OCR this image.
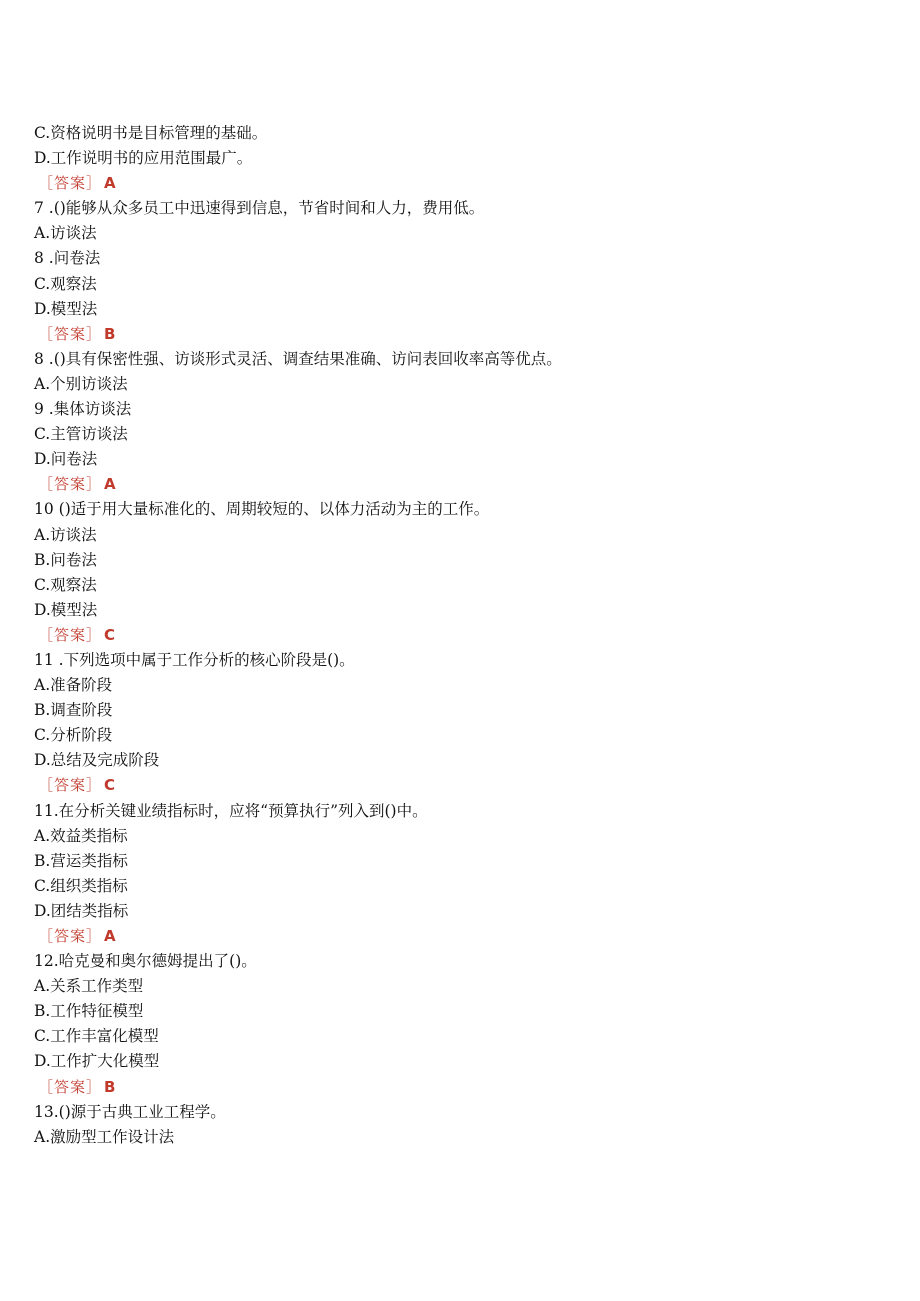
C.资格说明书是目标管理的基础。
D.工作说明书的应用范围最广。
［答案］ A
7 .()能够从众多员工中迅速得到信息，节省时间和人力，费用低。
A.访谈法
8 .问卷法
C.观察法
D.模型法
［答案］ B
8 .()具有保密性强、访谈形式灵活、调查结果准确、访问表回收率高等优点。
A.个别访谈法
9 .集体访谈法
C.主管访谈法
D.问卷法
［答案］ A
10 ()适于用大量标准化的、周期较短的、以体力活动为主的工作。
A.访谈法
B.问卷法
C.观察法
D.模型法
［答案］ C
11 .下列选项中属于工作分析的核心阶段是()。
A.准备阶段
B.调查阶段
C.分析阶段
D.总结及完成阶段
［答案］ C
11.在分析关键业绩指标时，应将“预算执行”列入到()中。
A.效益类指标
B.营运类指标
C.组织类指标
D.团结类指标
［答案］ A
12.哈克曼和奥尔德姆提出了()。
A.关系工作类型
B.工作特征模型
C.工作丰富化模型
D.工作扩大化模型
［答案］ B
13.()源于古典工业工程学。
A.激励型工作设计法
